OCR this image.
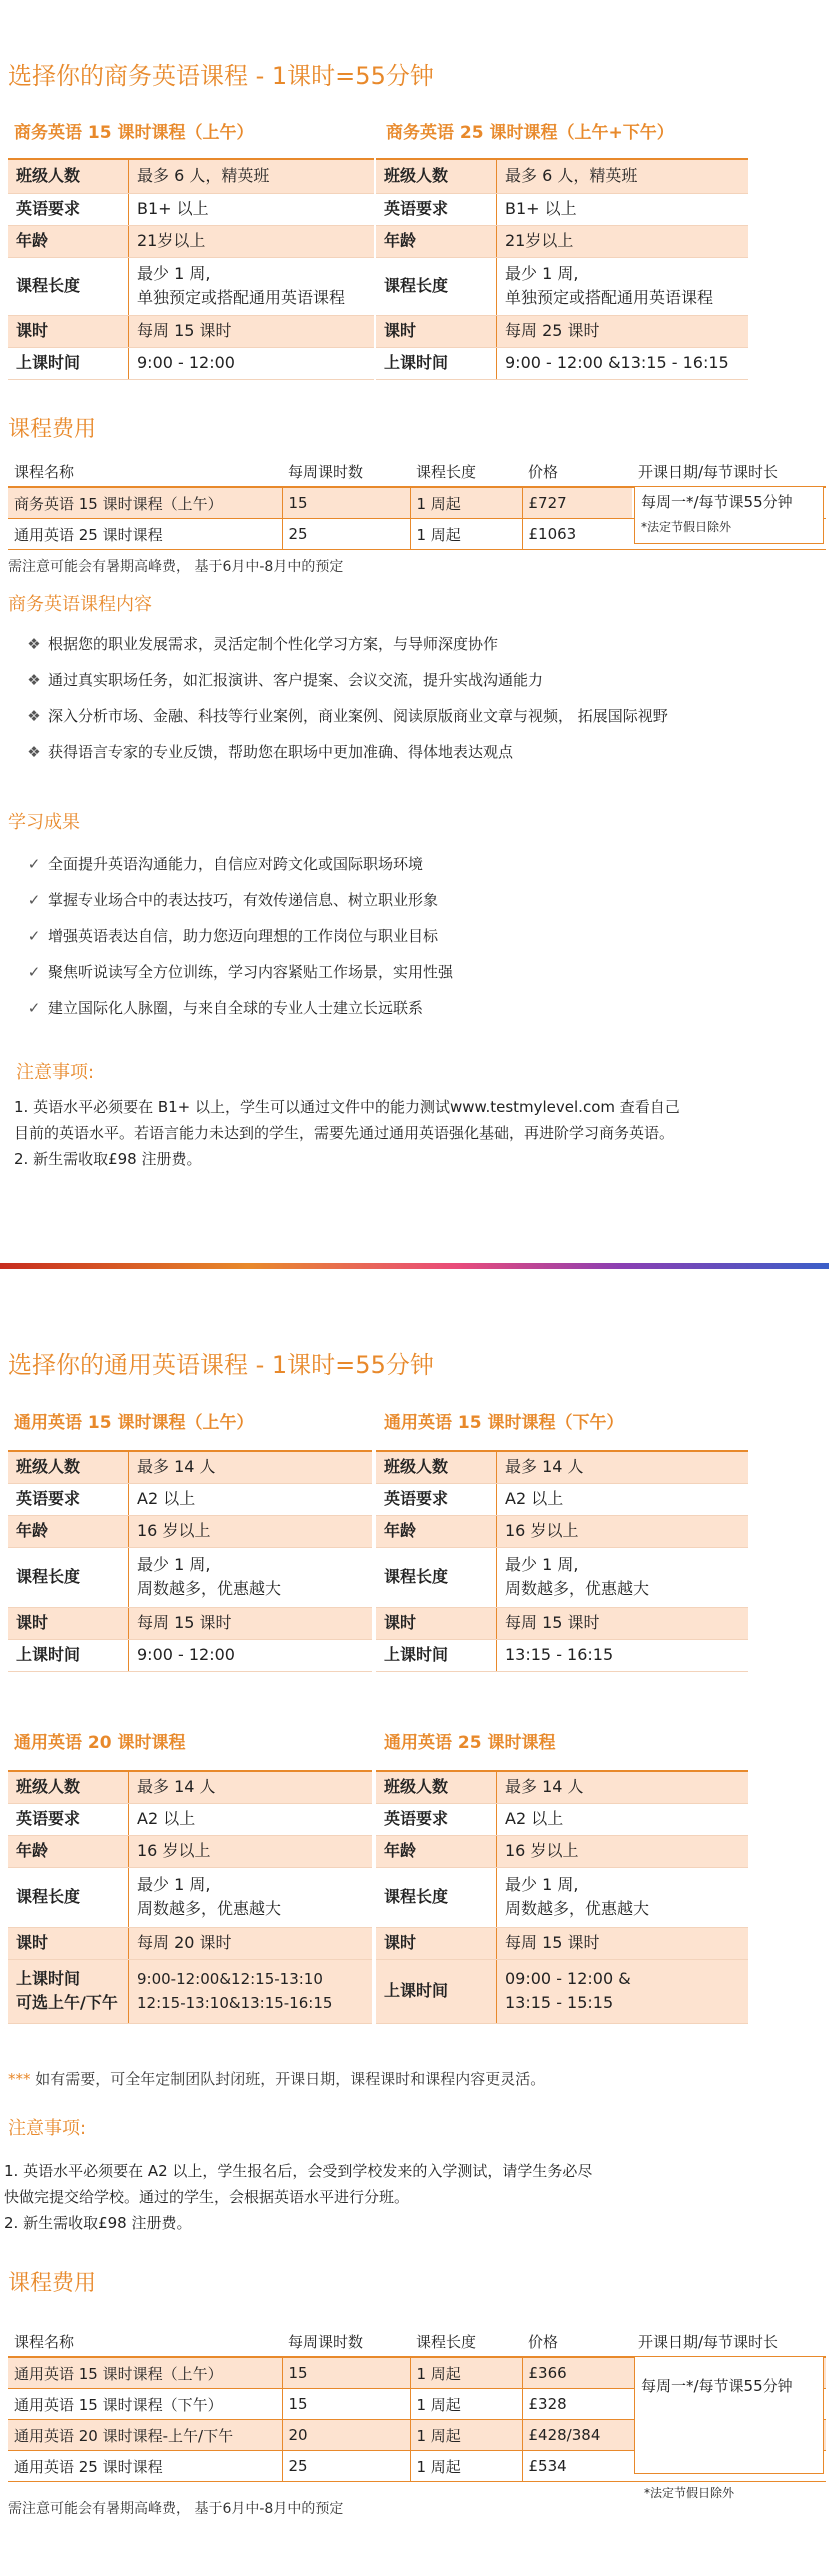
选择你的商务英语课程 - 1课时=55分钟
商务英语 15 课时课程（上午）	商务英语 25 课时课程（上午+下午）
班级人数	最多 6 人，精英班
英语要求	B1+ 以上
年龄	21岁以上
课程长度	最少 1 周,
单独预定或搭配通用英语课程
课时	每周 15 课时
上课时间	9:00 - 12:00
班级人数	最多 6 人，精英班
英语要求	B1+ 以上
年龄	21岁以上
课程长度	最少 1 周,
单独预定或搭配通用英语课程
课时	每周 25 课时
上课时间	9:00 - 12:00 &13:15 - 16:15
课程费用
课程名称	每周课时数	课程长度	价格	开课日期/每节课时长
商务英语 15 课时课程（上午）	15	1 周起	£727	
通用英语 25 课时课程	25	1 周起	£1063	
每周一*/每节课55分钟
*法定节假日除外
需注意可能会有暑期高峰费， 基于6月中-8月中的预定
商务英语课程内容
❖ 根据您的职业发展需求，灵活定制个性化学习方案，与导师深度协作
❖ 通过真实职场任务，如汇报演讲、客户提案、会议交流，提升实战沟通能力
❖ 深入分析市场、金融、科技等行业案例，商业案例、阅读原版商业文章与视频， 拓展国际视野
❖ 获得语言专家的专业反馈，帮助您在职场中更加准确、得体地表达观点
学习成果
✓ 全面提升英语沟通能力，自信应对跨文化或国际职场环境
✓ 掌握专业场合中的表达技巧，有效传递信息、树立职业形象
✓ 增强英语表达自信，助力您迈向理想的工作岗位与职业目标
✓ 聚焦听说读写全方位训练，学习内容紧贴工作场景，实用性强
✓ 建立国际化人脉圈，与来自全球的专业人士建立长远联系
注意事项:
1. 英语水平必须要在 B1+ 以上，学生可以通过文件中的能力测试www.testmylevel.com 查看自己
目前的英语水平。若语言能力未达到的学生，需要先通过通用英语强化基础，再进阶学习商务英语。
2. 新生需收取£98 注册费。
选择你的通用英语课程 - 1课时=55分钟
通用英语 15 课时课程（上午）	通用英语 15 课时课程（下午）
班级人数	最多 14 人
英语要求	A2 以上
年龄	16 岁以上
课程长度	最少 1 周,
周数越多，优惠越大
课时	每周 15 课时
上课时间	9:00 - 12:00
班级人数	最多 14 人
英语要求	A2 以上
年龄	16 岁以上
课程长度	最少 1 周,
周数越多，优惠越大
课时	每周 15 课时
上课时间	13:15 - 16:15
通用英语 20 课时课程	通用英语 25 课时课程
班级人数	最多 14 人
英语要求	A2 以上
年龄	16 岁以上
课程长度	最少 1 周,
周数越多，优惠越大
课时	每周 20 课时
上课时间
可选上午/下午	9:00-12:00&12:15-13:10
12:15-13:10&13:15-16:15
班级人数	最多 14 人
英语要求	A2 以上
年龄	16 岁以上
课程长度	最少 1 周,
周数越多，优惠越大
课时	每周 15 课时
上课时间	09:00 - 12:00 &
13:15 - 15:15
*** 如有需要，可全年定制团队封闭班，开课日期，课程课时和课程内容更灵活。
注意事项:
1. 英语水平必须要在 A2 以上，学生报名后，会受到学校发来的入学测试，请学生务必尽
快做完提交给学校。通过的学生，会根据英语水平进行分班。
2. 新生需收取£98 注册费。
课程费用
课程名称	每周课时数	课程长度	价格	开课日期/每节课时长
通用英语 15 课时课程（上午）	15	1 周起	£366	
通用英语 15 课时课程（下午）	15	1 周起	£328	
通用英语 20 课时课程-上午/下午	20	1 周起	£428/384	
通用英语 25 课时课程	25	1 周起	£534	
每周一*/每节课55分钟
*法定节假日除外
需注意可能会有暑期高峰费， 基于6月中-8月中的预定
